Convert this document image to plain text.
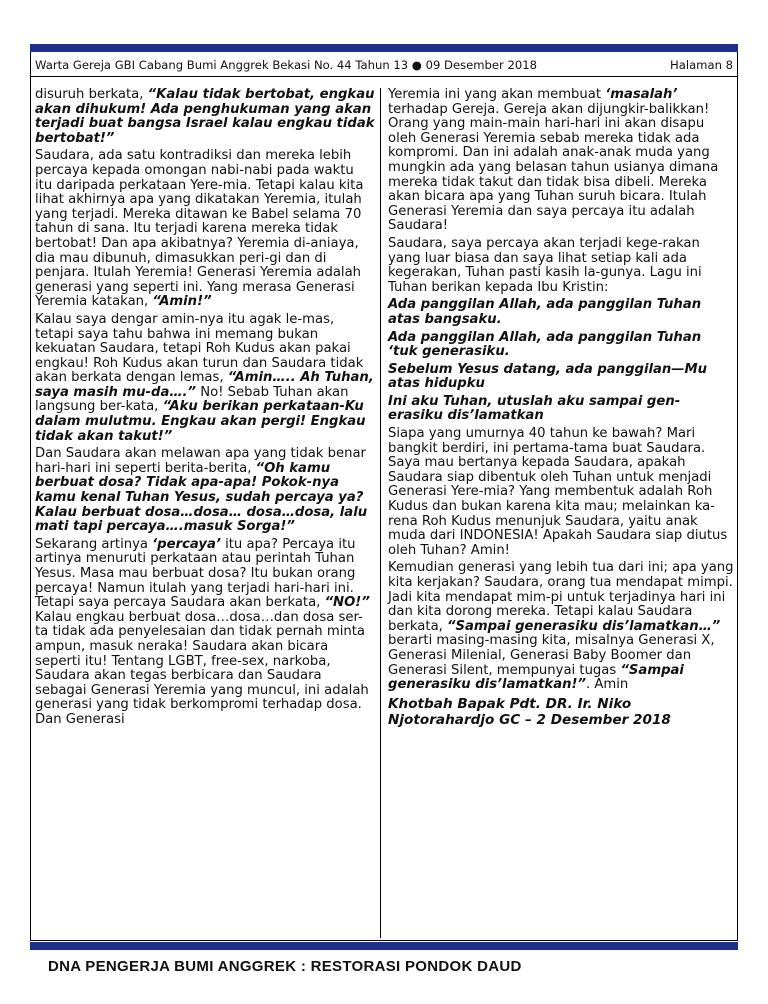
Warta Gereja GBI Cabang Bumi Anggrek Bekasi No. 44 Tahun 13 ● 09 Desember 2018	Halaman 8

disuruh berkata, “Kalau tidak bertobat, engkau akan dihukum! Ada penghukuman yang akan terjadi buat bangsa Israel kalau engkau tidak bertobat!”

Saudara, ada satu kontradiksi dan mereka lebih percaya kepada omongan nabi-nabi pada waktu itu daripada perkataan Yere-mia. Tetapi kalau kita lihat akhirnya apa yang dikatakan Yeremia, itulah yang terjadi. Mereka ditawan ke Babel selama 70 tahun di sana. Itu terjadi karena mereka tidak bertobat! Dan apa akibatnya? Yeremia di-aniaya, dia mau dibunuh, dimasukkan peri-gi dan di penjara. Itulah Yeremia! Generasi Yeremia adalah generasi yang seperti ini. Yang merasa Generasi Yeremia katakan, “Amin!”

Kalau saya dengar amin-nya itu agak le-mas, tetapi saya tahu bahwa ini memang bukan kekuatan Saudara, tetapi Roh Kudus akan pakai engkau! Roh Kudus akan turun dan Saudara tidak akan berkata dengan lemas, “Amin….. Ah Tuhan, saya masih mu-da….” No! Sebab Tuhan akan langsung ber-kata, “Aku berikan perkataan-Ku dalam mulutmu. Engkau akan pergi! Engkau tidak akan takut!”

Dan Saudara akan melawan apa yang tidak benar hari-hari ini seperti berita-berita, “Oh kamu berbuat dosa? Tidak apa-apa! Pokok-nya kamu kenal Tuhan Yesus, sudah percaya ya? Kalau berbuat dosa…dosa… dosa…dosa, lalu mati tapi percaya….masuk Sorga!”

Sekarang artinya ‘percaya’ itu apa? Percaya itu artinya menuruti perkataan atau perintah Tuhan Yesus. Masa mau berbuat dosa? Itu bukan orang percaya! Namun itulah yang terjadi hari-hari ini. Tetapi saya percaya Saudara akan berkata, “NO!” Kalau engkau berbuat dosa…dosa…dan dosa ser-ta tidak ada penyelesaian dan tidak pernah minta ampun, masuk neraka! Saudara akan bicara seperti itu! Tentang LGBT, free-sex, narkoba, Saudara akan tegas berbicara dan Saudara sebagai Generasi Yeremia yang muncul, ini adalah generasi yang tidak berkompromi terhadap dosa. Dan Generasi

Yeremia ini yang akan membuat ‘masalah’ terhadap Gereja. Gereja akan dijungkir-balikkan! Orang yang main-main hari-hari ini akan disapu oleh Generasi Yeremia sebab mereka tidak ada kompromi. Dan ini adalah anak-anak muda yang mungkin ada yang belasan tahun usianya dimana mereka tidak takut dan tidak bisa dibeli. Mereka akan bicara apa yang Tuhan suruh bicara. Itulah Generasi Yeremia dan saya percaya itu adalah Saudara!

Saudara, saya percaya akan terjadi kege-rakan yang luar biasa dan saya lihat setiap kali ada kegerakan, Tuhan pasti kasih la-gunya. Lagu ini Tuhan berikan kepada Ibu Kristin:

Ada panggilan Allah, ada panggilan Tuhan atas bangsaku.

Ada panggilan Allah, ada panggilan Tuhan ‘tuk generasiku.

Sebelum Yesus datang, ada panggilan—Mu atas hidupku

Ini aku Tuhan, utuslah aku sampai gen-erasiku dis’lamatkan

Siapa yang umurnya 40 tahun ke bawah? Mari bangkit berdiri, ini pertama-tama buat Saudara. Saya mau bertanya kepada Saudara, apakah Saudara siap dibentuk oleh Tuhan untuk menjadi Generasi Yere-mia? Yang membentuk adalah Roh Kudus dan bukan karena kita mau; melainkan ka-rena Roh Kudus menunjuk Saudara, yaitu anak muda dari INDONESIA! Apakah Saudara siap diutus oleh Tuhan? Amin!

Kemudian generasi yang lebih tua dari ini; apa yang kita kerjakan? Saudara, orang tua mendapat mimpi. Jadi kita mendapat mim-pi untuk terjadinya hari ini dan kita dorong mereka. Tetapi kalau Saudara berkata, “Sampai generasiku dis’lamatkan…” berarti masing-masing kita, misalnya Generasi X, Generasi Milenial, Generasi Baby Boomer dan Generasi Silent, mempunyai tugas “Sampai generasiku dis’lamatkan!”. Amin

Khotbah Bapak Pdt. DR. Ir. Niko Njotorahardjo GC – 2 Desember 2018

DNA PENGERJA BUMI ANGGREK : RESTORASI PONDOK DAUD
